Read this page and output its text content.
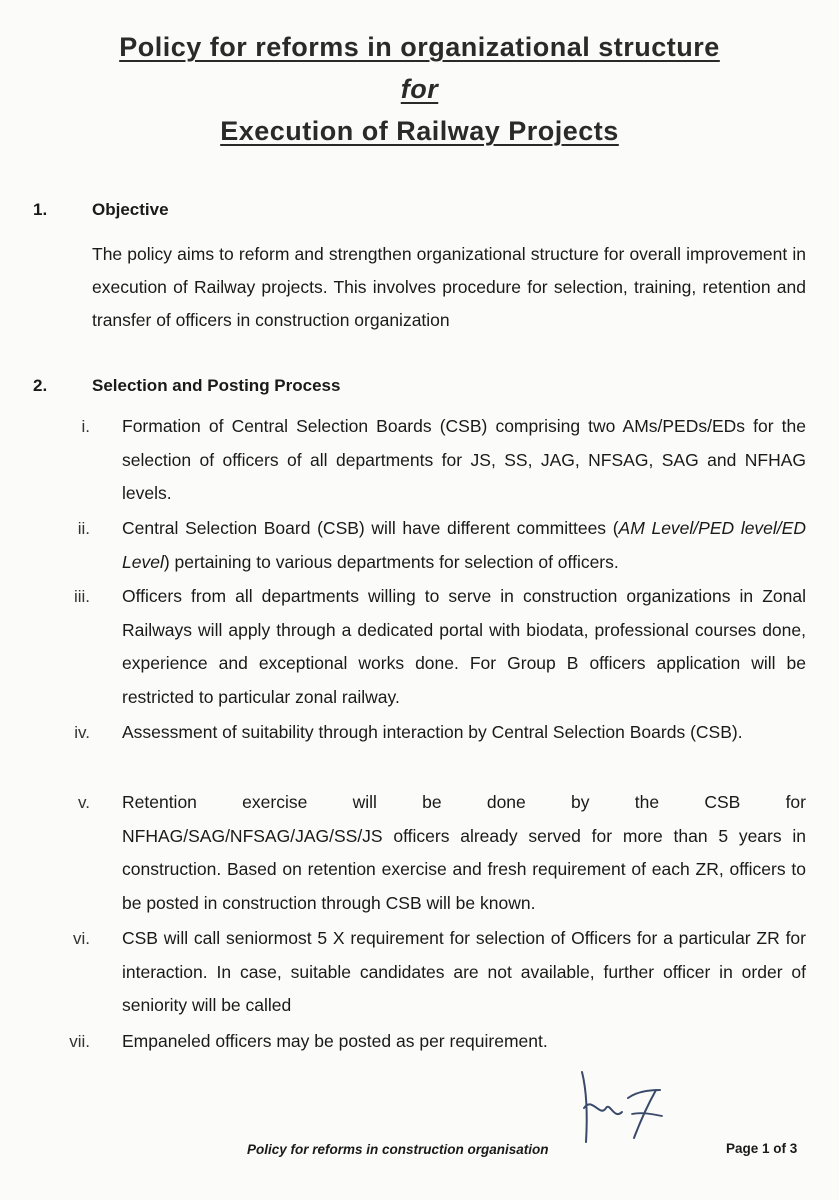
Policy for reforms in organizational structure
for
Execution of Railway Projects
1.	Objective
The policy aims to reform and strengthen organizational structure for overall improvement in execution of Railway projects. This involves procedure for selection, training, retention and transfer of officers in construction organization
2.	Selection and Posting Process
i. Formation of Central Selection Boards (CSB) comprising two AMs/PEDs/EDs for the selection of officers of all departments for JS, SS, JAG, NFSAG, SAG and NFHAG levels.
ii. Central Selection Board (CSB) will have different committees (AM Level/PED level/ED Level) pertaining to various departments for selection of officers.
iii. Officers from all departments willing to serve in construction organizations in Zonal Railways will apply through a dedicated portal with biodata, professional courses done, experience and exceptional works done. For Group B officers application will be restricted to particular zonal railway.
iv. Assessment of suitability through interaction by Central Selection Boards (CSB).
v. Retention exercise will be done by the CSB for
NFHAG/SAG/NFSAG/JAG/SS/JS officers already served for more than 5 years in construction. Based on retention exercise and fresh requirement of each ZR, officers to be posted in construction through CSB will be known.
vi. CSB will call seniormost 5 X requirement for selection of Officers for a particular ZR for interaction. In case, suitable candidates are not available, further officer in order of seniority will be called
vii. Empaneled officers may be posted as per requirement.
Policy for reforms in construction organisation	Page 1 of 3
